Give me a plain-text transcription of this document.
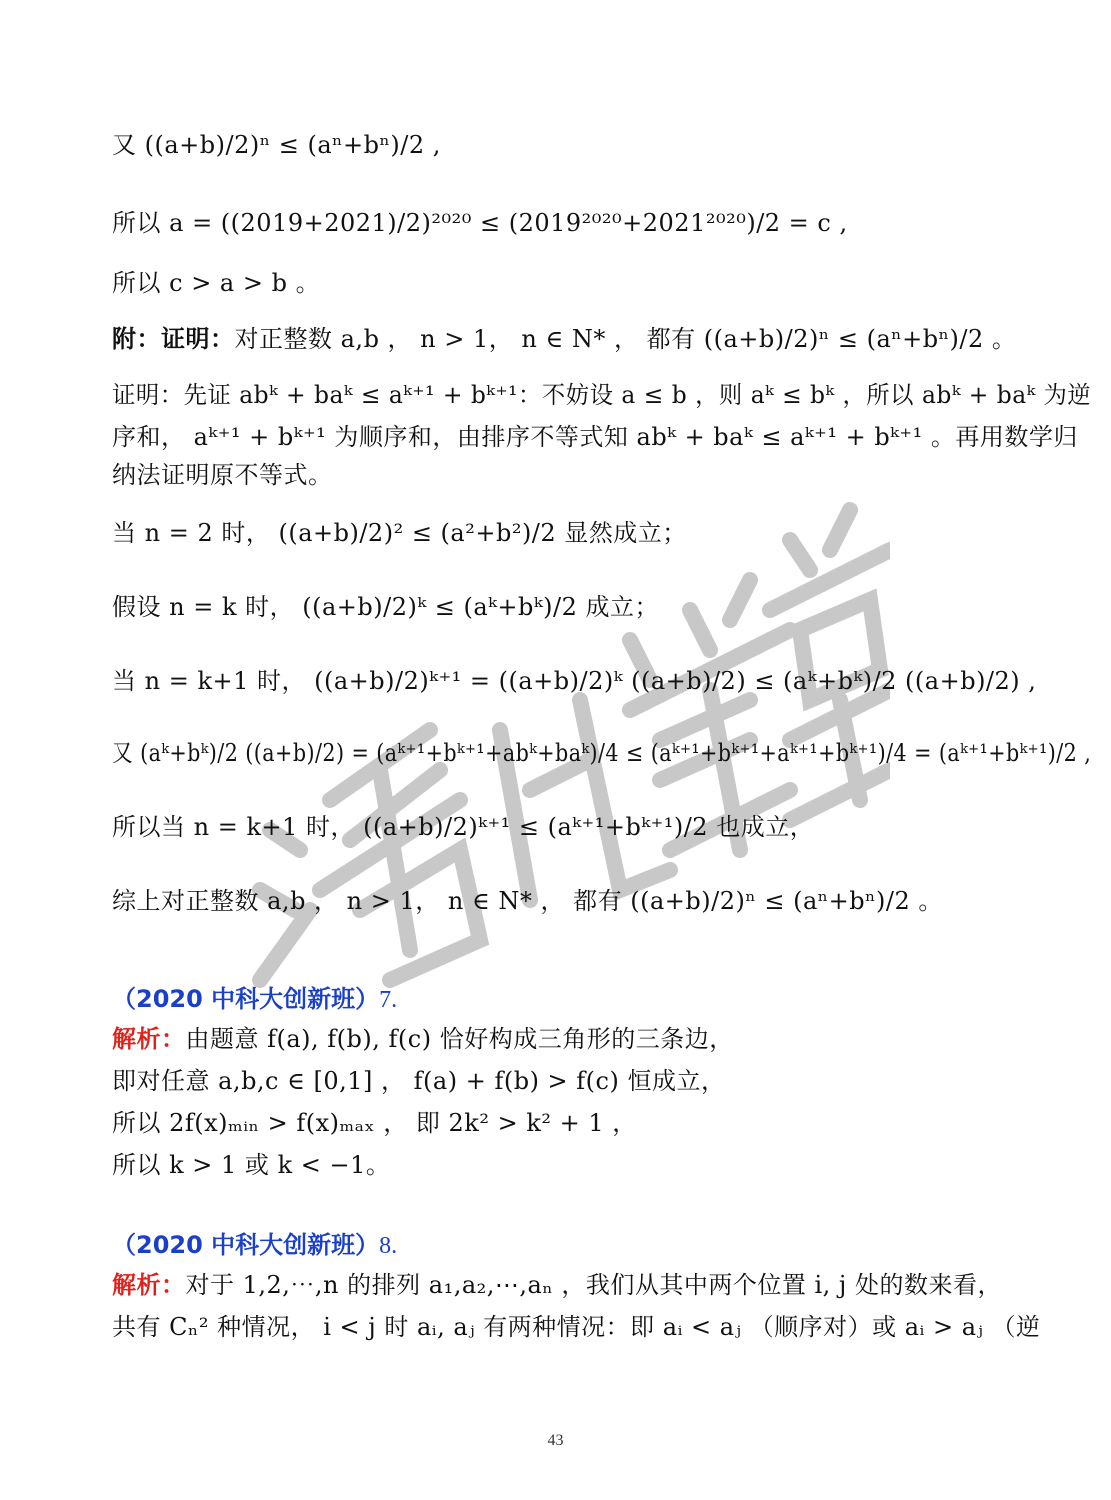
又 ((a+b)/2)ⁿ ≤ (aⁿ+bⁿ)/2 ,
所以 a = ((2019+2021)/2)²⁰²⁰ ≤ (2019²⁰²⁰+2021²⁰²⁰)/2 = c ,
所以 c > a > b 。
附：证明：对正整数 a,b ， n > 1， n ∈ N* ， 都有 ((a+b)/2)ⁿ ≤ (aⁿ+bⁿ)/2 。
证明：先证 abᵏ + baᵏ ≤ aᵏ⁺¹ + bᵏ⁺¹：不妨设 a ≤ b ，则 aᵏ ≤ bᵏ ，所以 abᵏ + baᵏ 为逆
序和， aᵏ⁺¹ + bᵏ⁺¹ 为顺序和，由排序不等式知 abᵏ + baᵏ ≤ aᵏ⁺¹ + bᵏ⁺¹ 。再用数学归
纳法证明原不等式。
当 n = 2 时， ((a+b)/2)² ≤ (a²+b²)/2 显然成立；
假设 n = k 时， ((a+b)/2)ᵏ ≤ (aᵏ+bᵏ)/2 成立；
当 n = k+1 时， ((a+b)/2)ᵏ⁺¹ = ((a+b)/2)ᵏ ((a+b)/2) ≤ (aᵏ+bᵏ)/2 ((a+b)/2) ,
又 (aᵏ+bᵏ)/2 ((a+b)/2) = (aᵏ⁺¹+bᵏ⁺¹+abᵏ+baᵏ)/4 ≤ (aᵏ⁺¹+bᵏ⁺¹+aᵏ⁺¹+bᵏ⁺¹)/4 = (aᵏ⁺¹+bᵏ⁺¹)/2 ,
所以当 n = k+1 时， ((a+b)/2)ᵏ⁺¹ ≤ (aᵏ⁺¹+bᵏ⁺¹)/2 也成立，
综上对正整数 a,b ， n > 1， n ∈ N* ， 都有 ((a+b)/2)ⁿ ≤ (aⁿ+bⁿ)/2 。
（2020 中科大创新班）7.
解析：由题意 f(a), f(b), f(c) 恰好构成三角形的三条边，
即对任意 a,b,c ∈ [0,1] ， f(a) + f(b) > f(c) 恒成立，
所以 2f(x)ₘᵢₙ > f(x)ₘₐₓ ， 即 2k² > k² + 1 ，
所以 k > 1 或 k < −1。
（2020 中科大创新班）8.
解析：对于 1,2,⋯,n 的排列 a₁,a₂,⋯,aₙ ，我们从其中两个位置 i, j 处的数来看，
共有 Cₙ² 种情况， i < j 时 aᵢ, aⱼ 有两种情况：即 aᵢ < aⱼ （顺序对）或 aᵢ > aⱼ （逆
43
